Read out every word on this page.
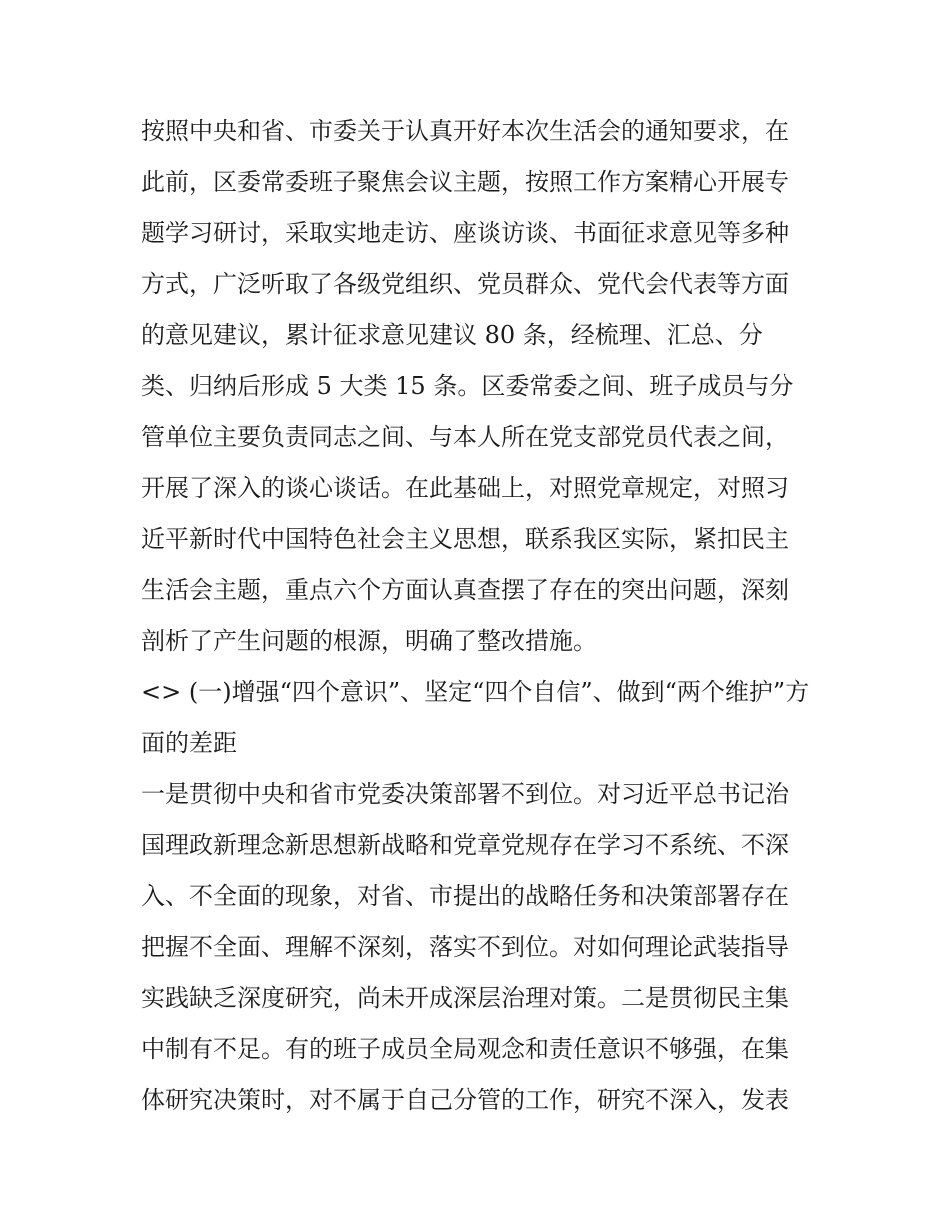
按照中央和省、市委关于认真开好本次生活会的通知要求，在
此前，区委常委班子聚焦会议主题，按照工作方案精心开展专
题学习研讨，采取实地走访、座谈访谈、书面征求意见等多种
方式，广泛听取了各级党组织、党员群众、党代会代表等方面
的意见建议，累计征求意见建议 80 条，经梳理、汇总、分
类、归纳后形成 5 大类 15 条。区委常委之间、班子成员与分
管单位主要负责同志之间、与本人所在党支部党员代表之间，
开展了深入的谈心谈话。在此基础上，对照党章规定，对照习
近平新时代中国特色社会主义思想，联系我区实际，紧扣民主
生活会主题，重点六个方面认真查摆了存在的突出问题，深刻
剖析了产生问题的根源，明确了整改措施。
<> (一)增强“四个意识”、坚定“四个自信”、做到“两个维护”方
面的差距
一是贯彻中央和省市党委决策部署不到位。对习近平总书记治
国理政新理念新思想新战略和党章党规存在学习不系统、不深
入、不全面的现象，对省、市提出的战略任务和决策部署存在
把握不全面、理解不深刻，落实不到位。对如何理论武装指导
实践缺乏深度研究，尚未开成深层治理对策。二是贯彻民主集
中制有不足。有的班子成员全局观念和责任意识不够强，在集
体研究决策时，对不属于自己分管的工作，研究不深入，发表
